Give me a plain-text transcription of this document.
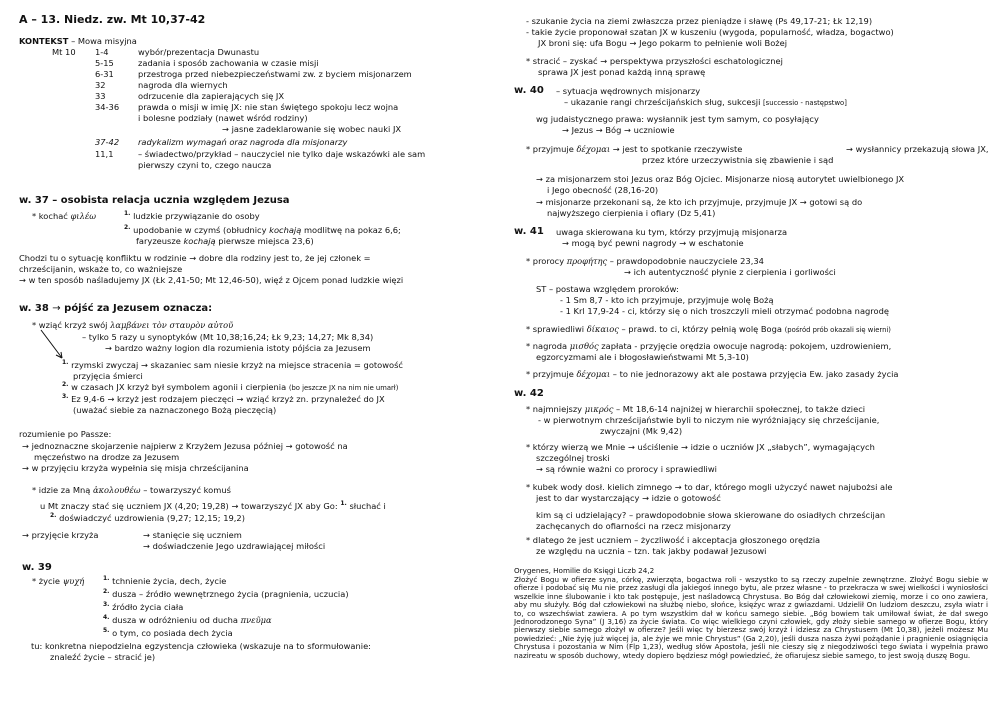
A – 13. Niedz. zw. Mt 10,37-42
KONTEKST – Mowa misyjna
Mt 10 1-4	wybór/prezentacja Dwunastu
5-15	zadania i sposób zachowania w czasie misji
6-31	przestroga przed niebezpieczeństwami zw. z byciem misjonarzem
32	nagroda dla wiernych
33	odrzucenie dla zapierających się JX
34-36 prawda o misji w imię JX: nie stan świętego spokoju lecz wojna
i bolesne podziały (nawet wśród rodziny)
→ jasne zadeklarowanie się wobec nauki JX
37-42 radykalizm wymagań oraz nagroda dla misjonarzy
11,1	– świadectwo/przykład – nauczyciel nie tylko daje wskazówki ale sam
pierwszy czyni to, czego naucza
w. 37 – osobista relacja ucznia względem Jezusa
* kochać φιλέω	$^{1.}$ ludzkie przywiązanie do osoby
$^{2.}$ upodobanie w czymś (obłudnicy kochają modlitwę na pokaz 6,6;
faryzeusze kochają pierwsze miejsca 23,6)
Chodzi tu o sytuację konfliktu w rodzinie → dobre dla rodziny jest to, że jej członek =
chrześcijanin, wskaże to, co ważniejsze
→ w ten sposób naśladujemy JX (Łk 2,41-50; Mt 12,46-50), więź z Ojcem ponad ludzkie więzi
w. 38 → pójść za Jezusem oznacza:
* wziąć krzyż swój λαμβάνει τὸν σταυρὸν αὐτοῦ
– tylko 5 razy u synoptyków (Mt 10,38;16,24; Łk 9,23; 14,27; Mk 8,34)
→ bardzo ważny logion dla rozumienia istoty pójścia za Jezusem
$^{1.}$ rzymski zwyczaj → skazaniec sam niesie krzyż na miejsce stracenia = gotowość
przyjęcia śmierci
$^{2.}$ w czasach JX krzyż był symbolem agonii i cierpienia (bo jeszcze JX na nim nie umarł)
$^{3.}$ Ez 9,4-6 → krzyż jest rodzajem pieczęci → wziąć krzyż zn. przynależeć do JX
(uważać siebie za naznaczonego Bożą pieczęcią)
rozumienie po Passze:
→ jednoznaczne skojarzenie najpierw z Krzyżem Jezusa później → gotowość na
męczeństwo na drodze za Jezusem
→ w przyjęciu krzyża wypełnia się misja chrześcijanina
* idzie za Mną ἀκολουθέω – towarzyszyć komuś
u Mt znaczy stać się uczniem JX (4,20; 19,28) → towarzyszyć JX aby Go: $^{1.}$ słuchać i
$^{2.}$ doświadczyć uzdrowienia (9,27; 12,15; 19,2)
→ przyjęcie krzyża	→ stanięcie się uczniem
→ doświadczenie Jego uzdrawiającej miłości
w. 39
* życie ψυχή	$^{1.}$ tchnienie życia, dech, życie
$^{2.}$ dusza – źródło wewnętrznego życia (pragnienia, uczucia)
$^{3.}$ źródło życia ciała
$^{4.}$ dusza w odróżnieniu od ducha πνεῦμα
$^{5.}$ o tym, co posiada dech życia
tu: konkretna niepodzielna egzystencja człowieka (wskazuje na to sformułowanie:
znaleźć życie – stracić je)
- szukanie życia na ziemi zwłaszcza przez pieniądze i sławę (Ps 49,17-21; Łk 12,19)
- takie życie proponował szatan JX w kuszeniu (wygoda, popularność, władza, bogactwo)
JX broni się: ufa Bogu → Jego pokarm to pełnienie woli Bożej
* stracić – zyskać → perspektywa przyszłości eschatologicznej
sprawa JX jest ponad każdą inną sprawę
w. 40 – sytuacja wędrownych misjonarzy
– ukazanie rangi chrześcijańskich sług, sukcesji [successio - następstwo]
wg judaistycznego prawa: wysłannik jest tym samym, co posyłający
→ Jezus → Bóg → uczniowie
* przyjmuje δέχομαι → jest to spotkanie rzeczywiste	→ wysłannicy przekazują słowa JX,
przez które urzeczywistnia się zbawienie i sąd
→ za misjonarzem stoi Jezus oraz Bóg Ojciec. Misjonarze niosą autorytet uwielbionego JX
i Jego obecność (28,16-20)
→ misjonarze przekonani są, że kto ich przyjmuje, przyjmuje JX → gotowi są do
najwyższego cierpienia i ofiary (Dz 5,41)
w. 41 uwaga skierowana ku tym, którzy przyjmują misjonarza
→ mogą być pewni nagrody → w eschatonie
* prorocy προφήτης – prawdopodobnie nauczyciele 23,34
→ ich autentyczność płynie z cierpienia i gorliwości
ST – postawa względem proroków:
- 1 Sm 8,7 - kto ich przyjmuje, przyjmuje wolę Bożą
- 1 Krl 17,9-24 - ci, którzy się o nich troszczyli mieli otrzymać podobna nagrodę
* sprawiedliwi δίκαιος – prawd. to ci, którzy pełnią wolę Boga (pośród prób okazali się wierni)
* nagroda μισθός zapłata - przyjęcie orędzia owocuje nagrodą: pokojem, uzdrowieniem,
egzorcyzmami ale i błogosławieństwami Mt 5,3-10)
* przyjmuje δέχομαι – to nie jednorazowy akt ale postawa przyjęcia Ew. jako zasady życia
w. 42
* najmniejszy μικρός – Mt 18,6-14 najniżej w hierarchii społecznej, to także dzieci
- w pierwotnym chrześcijaństwie byli to niczym nie wyróżniający się chrześcijanie,
zwyczajni (Mk 9,42)
* którzy wierzą we Mnie → uściślenie → idzie o uczniów JX „słabych”, wymagających
szczególnej troski
→ są równie ważni co prorocy i sprawiedliwi
* kubek wody dosł. kielich zimnego → to dar, którego mogli użyczyć nawet najubożsi ale
jest to dar wystarczający → idzie o gotowość
kim są ci udzielający? – prawdopodobnie słowa skierowane do osiadłych chrześcijan
zachęcanych do ofiarności na rzecz misjonarzy
* dlatego że jest uczniem – życzliwość i akceptacja głoszonego orędzia
ze względu na ucznia – tzn. tak jakby podawał Jezusowi
Orygenes, Homilie do Księgi Liczb 24,2
Złożyć Bogu w ofierze syna, córkę, zwierzęta, bogactwa roli - wszystko to są rzeczy zupełnie zewnętrzne. Złożyć Bogu siebie w ofierze i podobać się Mu nie przez zasługi dla jakiegoś innego bytu, ale przez własne - to przekracza w swej wielkości i wyniosłości wszelkie inne ślubowanie i kto tak postępuje, jest naśladowcą Chrystusa. Bo Bóg dał człowiekowi ziemię, morze i co ono zawiera, aby mu służyły. Bóg dał człowiekowi na służbę niebo, słońce, księżyc wraz z gwiazdami. Udzielił On ludziom deszczu, zsyła wiatr i to, co wszechświat zawiera. A po tym wszystkim dał w końcu samego siebie. „Bóg bowiem tak umiłował świat, że dał swego Jednorodzonego Syna” (J 3,16) za życie świata. Co więc wielkiego czyni człowiek, gdy złoży siebie samego w ofierze Bogu, który pierwszy siebie samego złożył w ofierze? Jeśli więc ty bierzesz swój krzyż i idziesz za Chrystusem (Mt 10,38), jeżeli możesz Mu powiedzieć: „Nie żyję już więcej ja, ale żyje we mnie Chrystus” (Ga 2,20), jeśli dusza nasza żywi pożądanie i pragnienie osiągnięcia Chrystusa i pozostania w Nim (Flp 1,23), według słów Apostoła, jeśli nie cieszy się z niegodziwości tego świata i wypełnia prawo nazireatu w sposób duchowy, wtedy dopiero będziesz mógł powiedzieć, że ofiarujesz siebie samego, to jest swoją duszę Bogu.
